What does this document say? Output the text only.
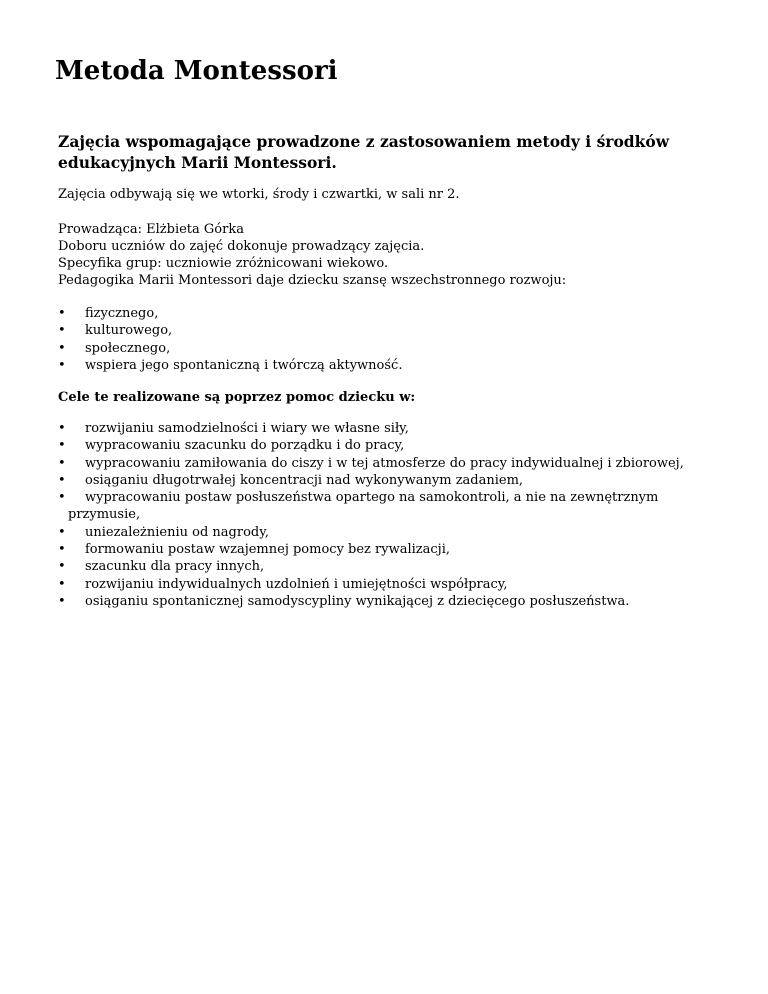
Metoda Montessori
Zajęcia wspomagające prowadzone z zastosowaniem metody i środków edukacyjnych Marii Montessori.

Zajęcia odbywają się we wtorki, środy i czwartki, w sali nr 2.

Prowadząca: Elżbieta Górka

Doboru uczniów do zajęć dokonuje prowadzący zajęcia.

Specyfika grup: uczniowie zróżnicowani wiekowo.

Pedagogika Marii Montessori daje dziecku szansę wszechstronnego rozwoju:

• fizycznego,
• kulturowego,
• społecznego,
• wspiera jego spontaniczną i twórczą aktywność.

Cele te realizowane są poprzez pomoc dziecku w:

• rozwijaniu samodzielności i wiary we własne siły,
• wypracowaniu szacunku do porządku i do pracy,
• wypracowaniu zamiłowania do ciszy i w tej atmosferze do pracy indywidualnej i zbiorowej,
• osiąganiu długotrwałej koncentracji nad wykonywanym zadaniem,
• wypracowaniu postaw posłuszeństwa opartego na samokontroli, a nie na zewnętrznym
przymusie,
• uniezależnieniu od nagrody,
• formowaniu postaw wzajemnej pomocy bez rywalizacji,
• szacunku dla pracy innych,
• rozwijaniu indywidualnych uzdolnień i umiejętności współpracy,
• osiąganiu spontanicznej samodyscypliny wynikającej z dziecięcego posłuszeństwa.
